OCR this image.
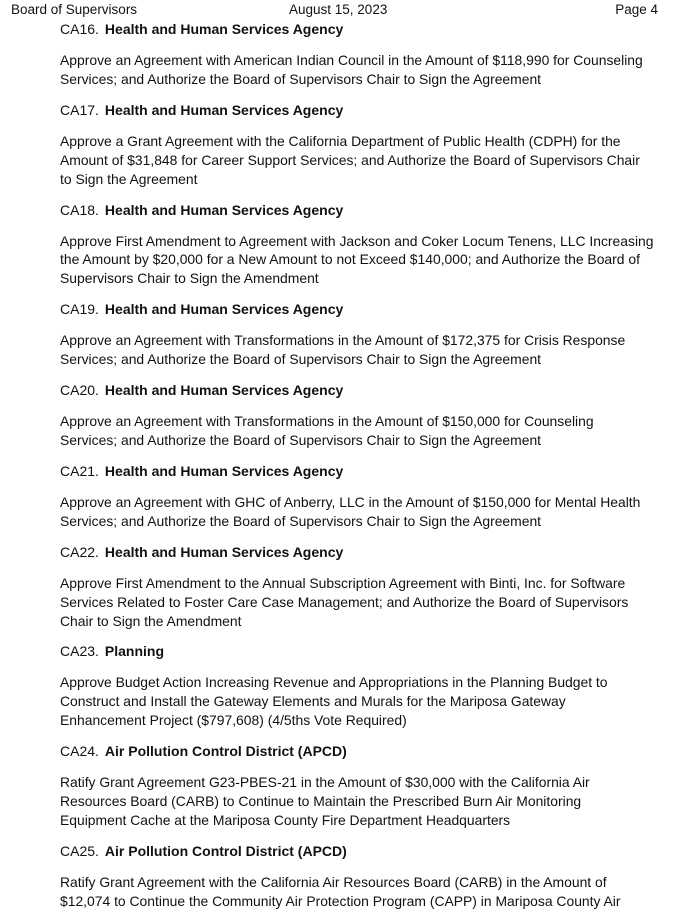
Board of Supervisors	August 15, 2023	Page 4
CA16. Health and Human Services Agency
Approve an Agreement with American Indian Council in the Amount of $118,990 for Counseling
Services; and Authorize the Board of Supervisors Chair to Sign the Agreement
CA17. Health and Human Services Agency
Approve a Grant Agreement with the California Department of Public Health (CDPH) for the
Amount of $31,848 for Career Support Services; and Authorize the Board of Supervisors Chair
to Sign the Agreement
CA18. Health and Human Services Agency
Approve First Amendment to Agreement with Jackson and Coker Locum Tenens, LLC Increasing
the Amount by $20,000 for a New Amount to not Exceed $140,000; and Authorize the Board of
Supervisors Chair to Sign the Amendment
CA19. Health and Human Services Agency
Approve an Agreement with Transformations in the Amount of $172,375 for Crisis Response
Services; and Authorize the Board of Supervisors Chair to Sign the Agreement
CA20. Health and Human Services Agency
Approve an Agreement with Transformations in the Amount of $150,000 for Counseling
Services; and Authorize the Board of Supervisors Chair to Sign the Agreement
CA21. Health and Human Services Agency
Approve an Agreement with GHC of Anberry, LLC in the Amount of $150,000 for Mental Health
Services; and Authorize the Board of Supervisors Chair to Sign the Agreement
CA22. Health and Human Services Agency
Approve First Amendment to the Annual Subscription Agreement with Binti, Inc. for Software
Services Related to Foster Care Case Management; and Authorize the Board of Supervisors
Chair to Sign the Amendment
CA23. Planning
Approve Budget Action Increasing Revenue and Appropriations in the Planning Budget to
Construct and Install the Gateway Elements and Murals for the Mariposa Gateway
Enhancement Project ($797,608) (4/5ths Vote Required)
CA24. Air Pollution Control District (APCD)
Ratify Grant Agreement G23-PBES-21 in the Amount of $30,000 with the California Air
Resources Board (CARB) to Continue to Maintain the Prescribed Burn Air Monitoring
Equipment Cache at the Mariposa County Fire Department Headquarters
CA25. Air Pollution Control District (APCD)
Ratify Grant Agreement with the California Air Resources Board (CARB) in the Amount of
$12,074 to Continue the Community Air Protection Program (CAPP) in Mariposa County Air
